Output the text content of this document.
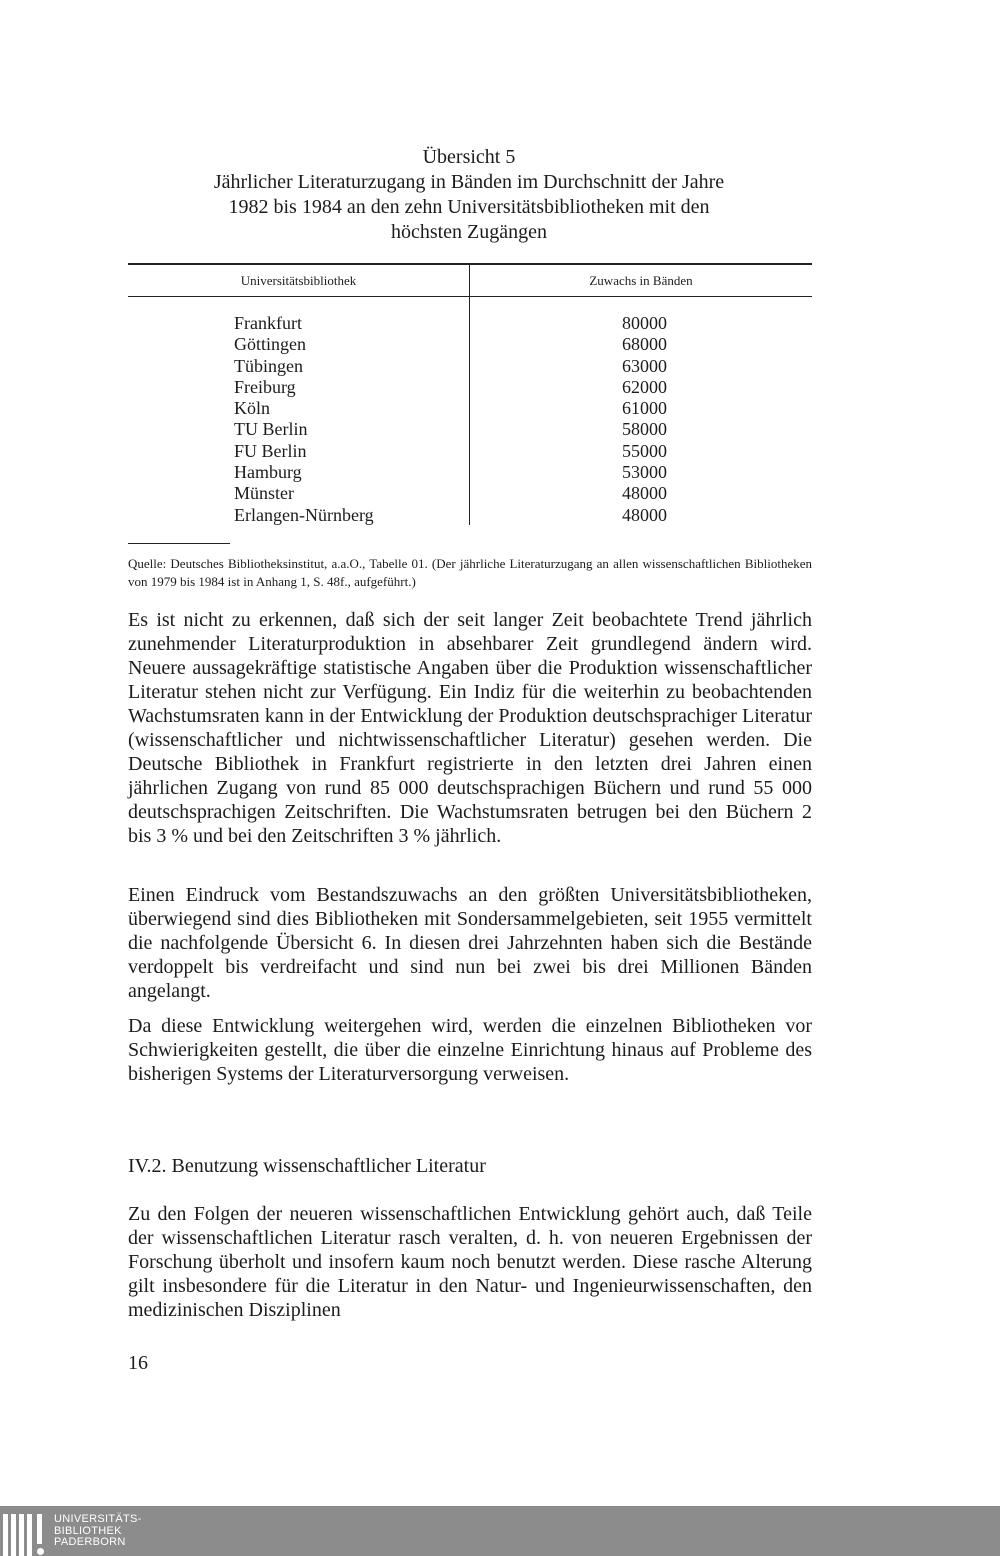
Übersicht 5
Jährlicher Literaturzugang in Bänden im Durchschnitt der Jahre
1982 bis 1984 an den zehn Universitätsbibliotheken mit den
höchsten Zugängen
Universitätsbibliothek	Zuwachs in Bänden
Frankfurt
Göttingen
Tübingen
Freiburg
Köln
TU Berlin
FU Berlin
Hamburg
Münster
Erlangen-Nürnberg
80000
68000
63000
62000
61000
58000
55000
53000
48000
48000
Quelle: Deutsches Bibliotheksinstitut, a.a.O., Tabelle 01. (Der jährliche Literaturzugang an allen wissenschaftlichen Bibliotheken von 1979 bis 1984 ist in Anhang 1, S. 48f., aufgeführt.)

Es ist nicht zu erkennen, daß sich der seit langer Zeit beobachtete Trend jährlich zunehmender Literaturproduktion in absehbarer Zeit grundlegend ändern wird. Neuere aussagekräftige statistische Angaben über die Produktion wissenschaftlicher Literatur stehen nicht zur Verfügung. Ein Indiz für die weiterhin zu beobachtenden Wachstumsraten kann in der Entwicklung der Produktion deutschsprachiger Literatur (wissenschaftlicher und nichtwissenschaftlicher Literatur) gesehen werden. Die Deutsche Bibliothek in Frankfurt registrierte in den letzten drei Jahren einen jährlichen Zugang von rund 85 000 deutschsprachigen Büchern und rund 55 000 deutschsprachigen Zeitschriften. Die Wachstumsraten betrugen bei den Büchern 2 bis 3 % und bei den Zeitschriften 3 % jährlich.

Einen Eindruck vom Bestandszuwachs an den größten Universitätsbibliotheken, überwiegend sind dies Bibliotheken mit Sondersammelgebieten, seit 1955 vermittelt die nachfolgende Übersicht 6. In diesen drei Jahrzehnten haben sich die Bestände verdoppelt bis verdreifacht und sind nun bei zwei bis drei Millionen Bänden angelangt.

Da diese Entwicklung weitergehen wird, werden die einzelnen Bibliotheken vor Schwierigkeiten gestellt, die über die einzelne Einrichtung hinaus auf Probleme des bisherigen Systems der Literaturversorgung verweisen.

IV.2. Benutzung wissenschaftlicher Literatur

Zu den Folgen der neueren wissenschaftlichen Entwicklung gehört auch, daß Teile der wissenschaftlichen Literatur rasch veralten, d. h. von neueren Ergebnissen der Forschung überholt und insofern kaum noch benutzt werden. Diese rasche Alterung gilt insbesondere für die Literatur in den Natur- und Ingenieurwissenschaften, den medizinischen Disziplinen

16
UNIVERSITÄTS-
BIBLIOTHEK
PADERBORN
